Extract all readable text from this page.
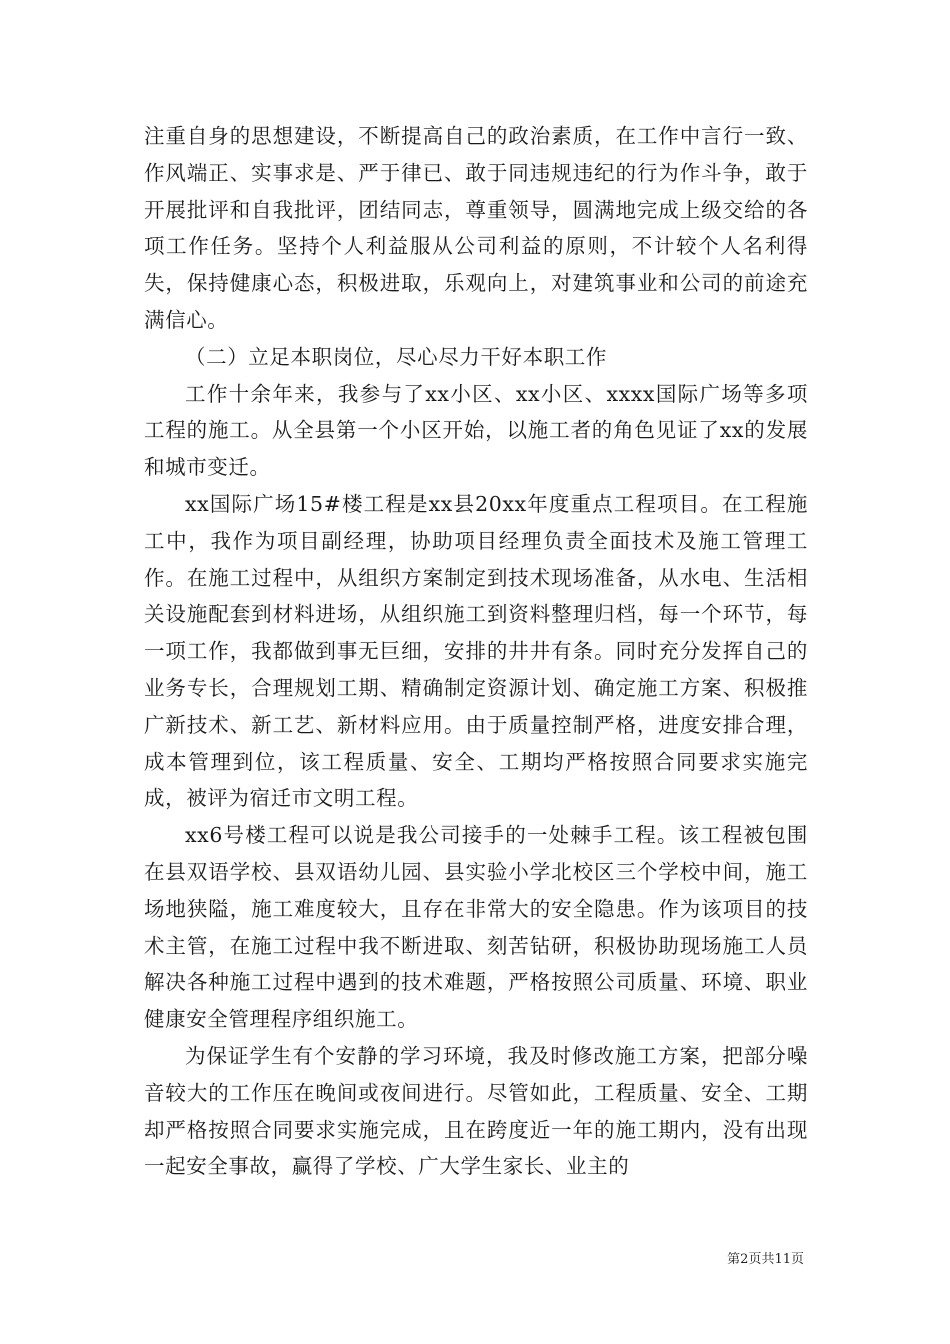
注重自身的思想建设，不断提高自己的政治素质，在工作中言行一致、作风端正、实事求是、严于律已、敢于同违规违纪的行为作斗争，敢于开展批评和自我批评，团结同志，尊重领导，圆满地完成上级交给的各项工作任务。坚持个人利益服从公司利益的原则，不计较个人名利得失，保持健康心态，积极进取，乐观向上，对建筑事业和公司的前途充满信心。

（二）立足本职岗位，尽心尽力干好本职工作

工作十余年来，我参与了xx小区、xx小区、xxxx国际广场等多项工程的施工。从全县第一个小区开始，以施工者的角色见证了xx的发展和城市变迁。

xx国际广场15#楼工程是xx县20xx年度重点工程项目。在工程施工中，我作为项目副经理，协助项目经理负责全面技术及施工管理工作。在施工过程中，从组织方案制定到技术现场准备，从水电、生活相关设施配套到材料进场，从组织施工到资料整理归档，每一个环节，每一项工作，我都做到事无巨细，安排的井井有条。同时充分发挥自己的业务专长，合理规划工期、精确制定资源计划、确定施工方案、积极推广新技术、新工艺、新材料应用。由于质量控制严格，进度安排合理，成本管理到位，该工程质量、安全、工期均严格按照合同要求实施完成，被评为宿迁市文明工程。

xx6号楼工程可以说是我公司接手的一处棘手工程。该工程被包围在县双语学校、县双语幼儿园、县实验小学北校区三个学校中间，施工场地狭隘，施工难度较大，且存在非常大的安全隐患。作为该项目的技术主管，在施工过程中我不断进取、刻苦钻研，积极协助现场施工人员解决各种施工过程中遇到的技术难题，严格按照公司质量、环境、职业健康安全管理程序组织施工。

为保证学生有个安静的学习环境，我及时修改施工方案，把部分噪音较大的工作压在晚间或夜间进行。尽管如此，工程质量、安全、工期却严格按照合同要求实施完成，且在跨度近一年的施工期内，没有出现一起安全事故，赢得了学校、广大学生家长、业主的

第2页共11页
